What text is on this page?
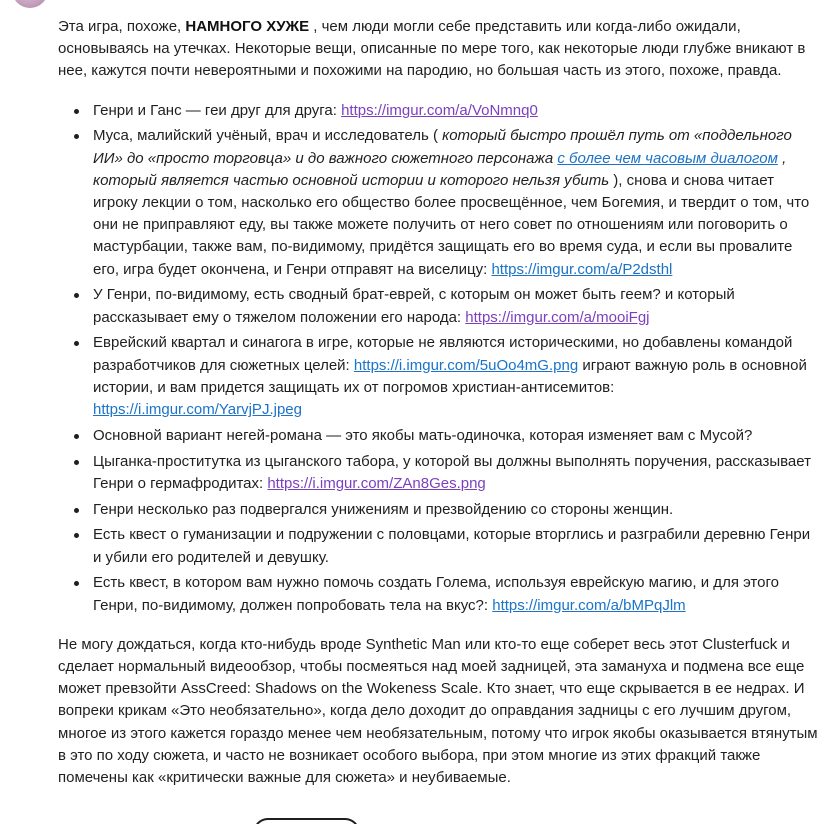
Эта игра, похоже, НАМНОГО ХУЖЕ , чем люди могли себе представить или когда-либо ожидали, основываясь на утечках. Некоторые вещи, описанные по мере того, как некоторые люди глубже вникают в нее, кажутся почти невероятными и похожими на пародию, но большая часть из этого, похоже, правда.

Генри и Ганс — геи друг для друга: https://imgur.com/a/VoNmnq0
Муса, малийский учёный, врач и исследователь ( который быстро прошёл путь от «поддельного ИИ» до «просто торговца» и до важного сюжетного персонажа с более чем часовым диалогом , который является частью основной истории и которого нельзя убить ), снова и снова читает игроку лекции о том, насколько его общество более просвещённое, чем Богемия, и твердит о том, что они не приправляют еду, вы также можете получить от него совет по отношениям или поговорить о мастурбации, также вам, по-видимому, придётся защищать его во время суда, и если вы провалите его, игра будет окончена, и Генри отправят на виселицу: https://imgur.com/a/P2dsthl
У Генри, по-видимому, есть сводный брат-еврей, с которым он может быть геем? и который рассказывает ему о тяжелом положении его народа: https://imgur.com/a/mooiFgj
Еврейский квартал и синагога в игре, которые не являются историческими, но добавлены командой разработчиков для сюжетных целей: https://i.imgur.com/5uOo4mG.png играют важную роль в основной истории, и вам придется защищать их от погромов христиан-антисемитов: https://i.imgur.com/YarvjPJ.jpeg
Основной вариант негей-романа — это якобы мать-одиночка, которая изменяет вам с Мусой?
Цыганка-проститутка из цыганского табора, у которой вы должны выполнять поручения, рассказывает Генри о гермафродитах: https://i.imgur.com/ZAn8Ges.png
Генри несколько раз подвергался унижениям и презвойдению со стороны женщин.
Есть квест о гуманизации и подружении с половцами, которые вторглись и разграбили деревню Генри и убили его родителей и девушку.
Есть квест, в котором вам нужно помочь создать Голема, используя еврейскую магию, и для этого Генри, по-видимому, должен попробовать тела на вкус?: https://imgur.com/a/bMPqJlm

Не могу дождаться, когда кто-нибудь вроде Synthetic Man или кто-то еще соберет весь этот Clusterfuck и сделает нормальный видеообзор, чтобы посмеяться над моей задницей, эта замануха и подмена все еще может превзойти AssCreed: Shadows on the Wokeness Scale. Кто знает, что еще скрывается в ее недрах. И вопреки крикам «Это необязательно», когда дело доходит до оправдания задницы с его лучшим другом, многое из этого кажется гораздо менее чем необязательным, потому что игрок якобы оказывается втянутым в это по ходу сюжета, и часто не возникает особого выбора, при этом многие из этих фракций также помечены как «критически важные для сюжета» и неубиваемые.
